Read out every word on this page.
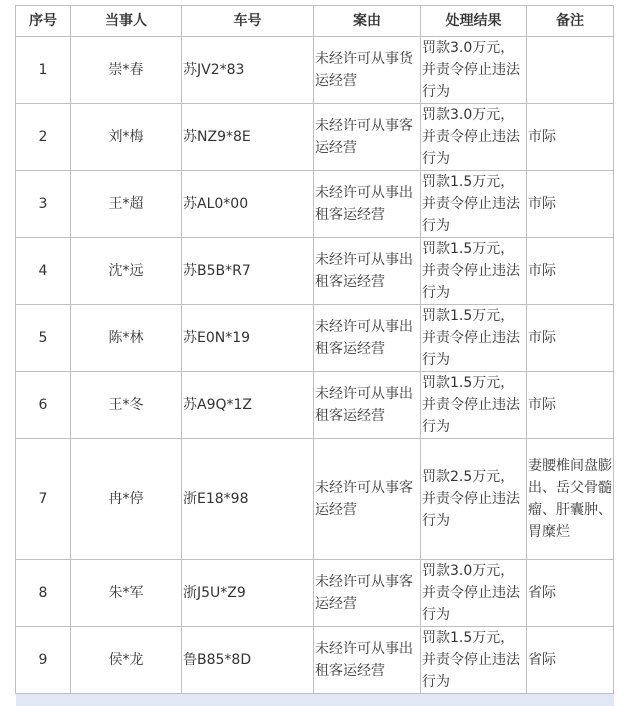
序号	当事人	车号	案由	处理结果	备注
1	崇*春	苏JV2*83	未经许可从事货运经营	罚款3.0万元，并责令停止违法行为	
2	刘*梅	苏NZ9*8E	未经许可从事客运经营	罚款3.0万元，并责令停止违法行为	市际
3	王*超	苏AL0*00	未经许可从事出租客运经营	罚款1.5万元，并责令停止违法行为	市际
4	沈*远	苏B5B*R7	未经许可从事出租客运经营	罚款1.5万元，并责令停止违法行为	市际
5	陈*林	苏E0N*19	未经许可从事出租客运经营	罚款1.5万元，并责令停止违法行为	市际
6	王*冬	苏A9Q*1Z	未经许可从事出租客运经营	罚款1.5万元，并责令停止违法行为	市际
7	冉*停	浙E18*98	未经许可从事客运经营	罚款2.5万元，并责令停止违法行为	妻腰椎间盘膨出、岳父骨髓瘤、肝囊肿、胃糜烂
8	朱*军	浙J5U*Z9	未经许可从事客运经营	罚款3.0万元，并责令停止违法行为	省际
9	侯*龙	鲁B85*8D	未经许可从事出租客运经营	罚款1.5万元，并责令停止违法行为	省际
